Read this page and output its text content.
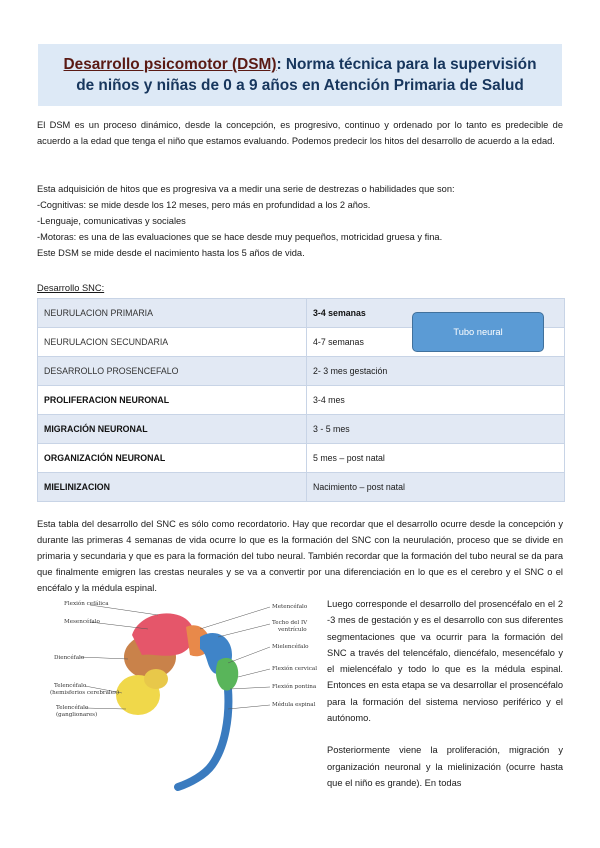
Desarrollo psicomotor (DSM): Norma técnica para la supervisión
de niños y niñas de 0 a 9 años en Atención Primaria de Salud

El DSM es un proceso dinámico, desde la concepción, es progresivo, continuo y ordenado por lo tanto es predecible de acuerdo a la edad que tenga el niño que estamos evaluando. Podemos predecir los hitos del desarrollo de acuerdo a la edad.

Esta adquisición de hitos que es progresiva va a medir una serie de destrezas o habilidades que son:
-Cognitivas: se mide desde los 12 meses, pero más en profundidad a los 2 años.
-Lenguaje, comunicativas y sociales
-Motoras: es una de las evaluaciones que se hace desde muy pequeños, motricidad gruesa y fina.
Este DSM se mide desde el nacimiento hasta los 5 años de vida.
Desarrollo SNC:
NEURULACION PRIMARIA	3-4 semanas
NEURULACION SECUNDARIA	4-7 semanas
DESARROLLO PROSENCEFALO	2- 3 mes gestación
PROLIFERACION NEURONAL	3-4 mes
MIGRACIÓN NEURONAL	3 - 5 mes
ORGANIZACIÓN NEURONAL	5 mes – post natal
MIELINIZACION	Nacimiento – post natal
Tubo neural

Esta tabla del desarrollo del SNC es sólo como recordatorio. Hay que recordar que el desarrollo ocurre desde la concepción y durante las primeras 4 semanas de vida ocurre lo que es la formación del SNC con la neurulación, proceso que se divide en primaria y secundaria y que es para la formación del tubo neural. También recordar que la formación del tubo neural se da para que finalmente emigren las crestas neurales y se va a convertir por una diferenciación en lo que es el cerebro y el SNC o el encéfalo y la médula espinal.

Flexión cefálica
Mesencéfalo
Metencéfalo
Techo del IV
ventrículo
Mielencéfalo
Diencéfalo
Flexión cervical
Telencéfalo
(hemisferios cerebrales)
Flexión pontina
Médula espinal
Telencéfalo
(ganglionares)

Luego corresponde el desarrollo del prosencéfalo en el 2 -3 mes de gestación y es el desarrollo con sus diferentes segmentaciones que va ocurrir para la formación del SNC a través del telencéfalo, diencéfalo, mesencéfalo y el mielencéfalo y todo lo que es la médula espinal. Entonces en esta etapa se va desarrollar el prosencéfalo para la formación del sistema nervioso periférico y el autónomo.

Posteriormente viene la proliferación, migración y organización neuronal y la mielinización (ocurre hasta que el niño es grande). En todas
